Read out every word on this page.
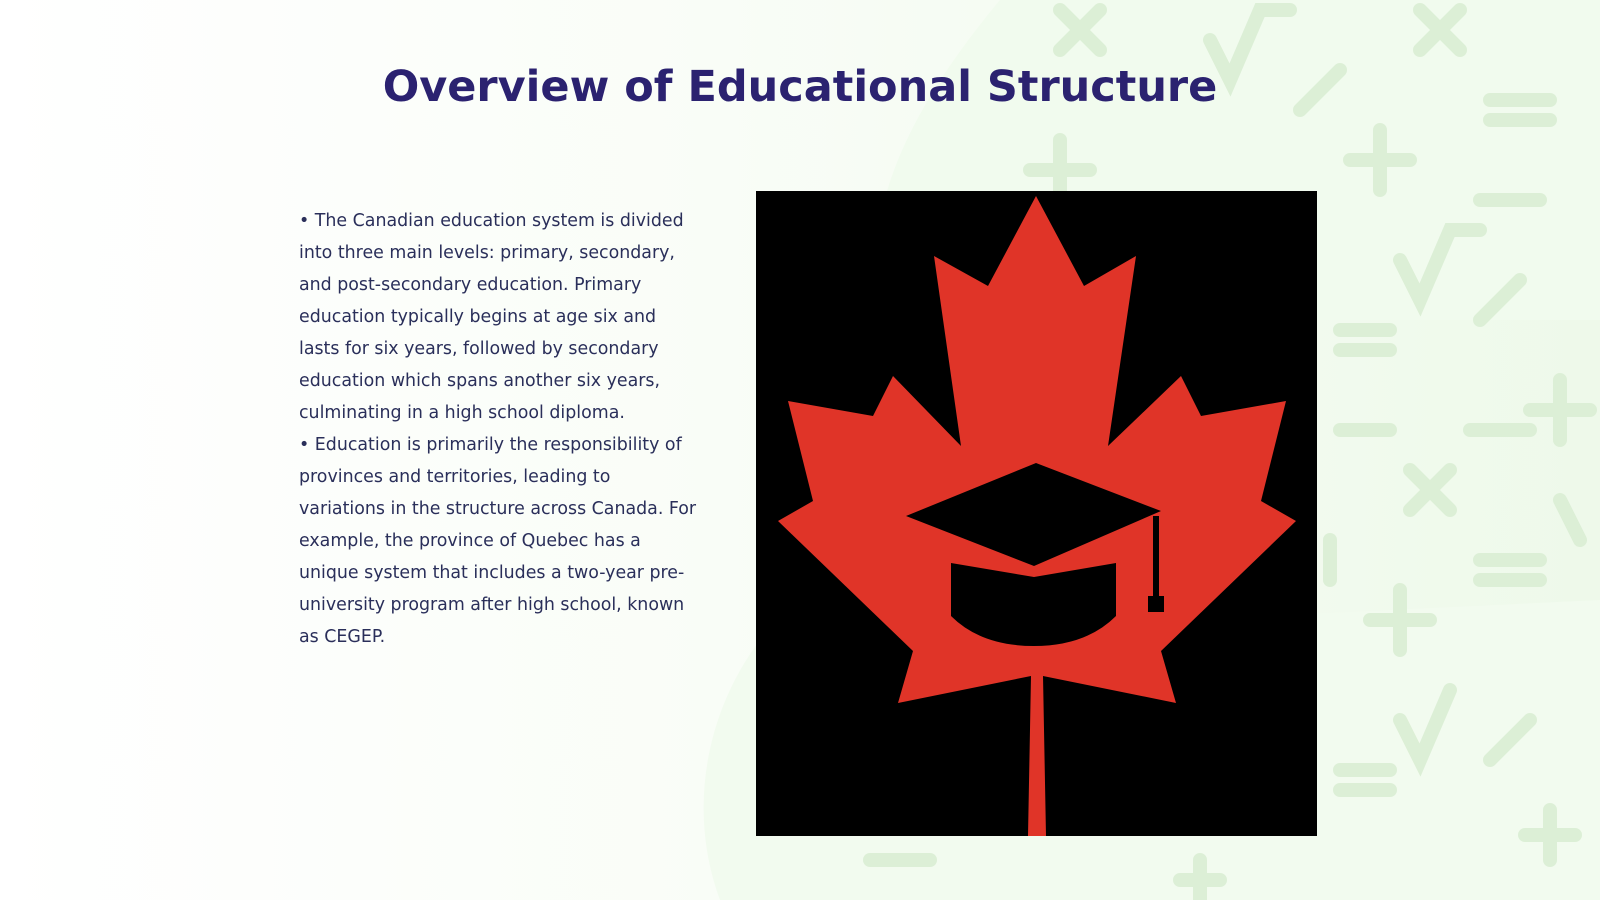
Overview of Educational Structure

• The Canadian education system is divided into three main levels: primary, secondary, and post-secondary education. Primary education typically begins at age six and lasts for six years, followed by secondary education which spans another six years, culminating in a high school diploma.

• Education is primarily the responsibility of provinces and territories, leading to variations in the structure across Canada. For example, the province of Quebec has a unique system that includes a two-year pre-university program after high school, known as CEGEP.
